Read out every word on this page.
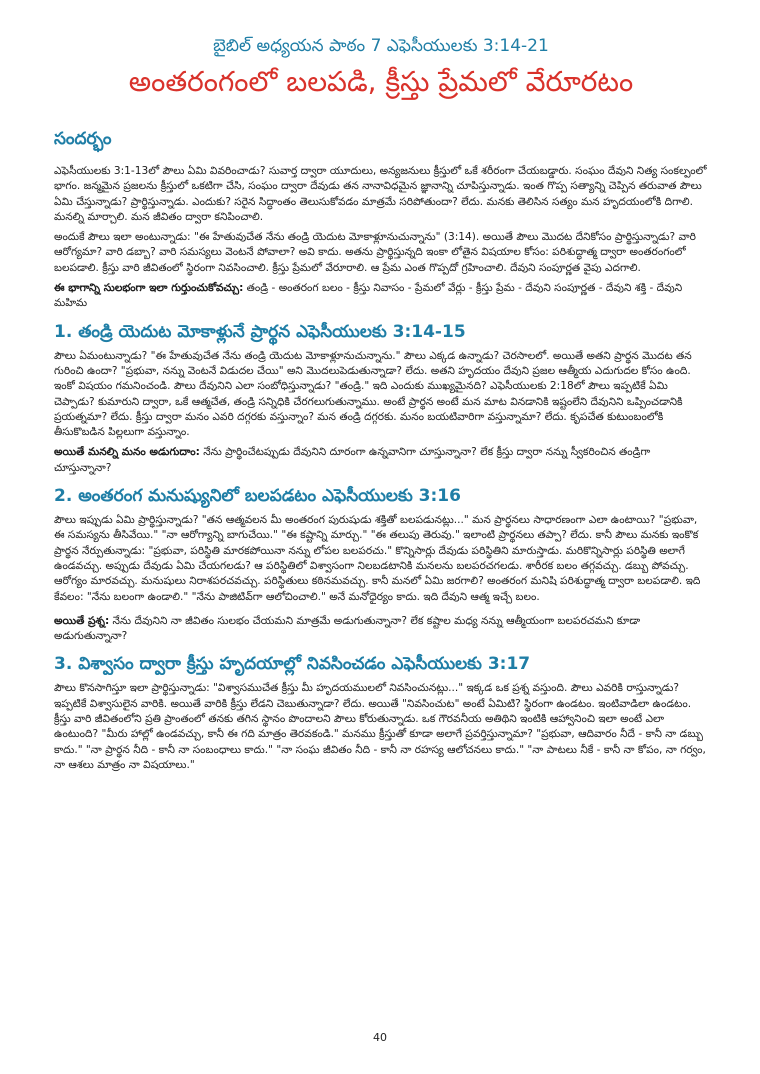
బైబిల్ అధ్యయన పాఠం 7 ఎఫెసీయులకు 3:14-21

అంతరంగంలో బలపడి, క్రీస్తు ప్రేమలో వేరూరటం
సందర్భం

ఎఫెసీయులకు 3:1-13లో పౌలు ఏమి వివరించాడు? సువార్త ద్వారా యూదులు, అన్యజనులు క్రీస్తులో ఒకే శరీరంగా చేయబడ్డారు. సంఘం దేవుని నిత్య సంకల్పంలో భాగం. జన్మమైన ప్రజలను క్రీస్తులో ఒకటిగా చేసి, సంఘం ద్వారా దేవుడు తన నానావిధమైన జ్ఞానాన్ని చూపిస్తున్నాడు. ఇంత గొప్ప సత్యాన్ని చెప్పిన తరువాత పౌలు ఏమి చేస్తున్నాడు? ప్రార్థిస్తున్నాడు. ఎందుకు? సరైన సిద్ధాంతం తెలుసుకోవడం మాత్రమే సరిపోతుందా? లేదు. మనకు తెలిసిన సత్యం మన హృదయంలోకి దిగాలి. మనల్ని మార్చాలి. మన జీవితం ద్వారా కనిపించాలి.

అందుకే పౌలు ఇలా అంటున్నాడు: "ఈ హేతువుచేత నేను తండ్రి యెదుట మోకాళ్లూనుచున్నాను" (3:14). అయితే పౌలు మొదట దేనికోసం ప్రార్థిస్తున్నాడు? వారి ఆరోగ్యమా? వారి డబ్బా? వారి సమస్యలు వెంటనే పోవాలా? అవి కాదు. అతను ప్రార్థిస్తున్నది ఇంకా లోతైన విషయాల కోసం: పరిశుద్ధాత్మ ద్వారా అంతరంగంలో బలపడాలి. క్రీస్తు వారి జీవితంలో స్థిరంగా నివసించాలి. క్రీస్తు ప్రేమలో వేరూరాలి. ఆ ప్రేమ ఎంత గొప్పదో గ్రహించాలి. దేవుని సంపూర్ణత వైపు ఎదగాలి.

ఈ భాగాన్ని సులభంగా ఇలా గుర్తుంచుకోవచ్చు: తండ్రి - అంతరంగ బలం - క్రీస్తు నివాసం - ప్రేమలో వేర్లు - క్రీస్తు ప్రేమ - దేవుని సంపూర్ణత - దేవుని శక్తి - దేవుని మహిమ

1. తండ్రి యెదుట మోకాళ్లునే ప్రార్థన ఎఫెసీయులకు 3:14-15

పౌలు ఏమంటున్నాడు? "ఈ హేతువుచేత నేను తండ్రి యెదుట మోకాళ్లూనుచున్నాను." పౌలు ఎక్కడ ఉన్నాడు? చెరసాలలో. అయితే అతని ప్రార్థన మొదట తన గురించి ఉందా? "ప్రభువా, నన్ను వెంటనే విడుదల చేయి" అని మొదలుపెడుతున్నాడా? లేదు. అతని హృదయం దేవుని ప్రజల ఆత్మీయ ఎదుగుదల కోసం ఉంది. ఇంకో విషయం గమనించండి. పౌలు దేవునిని ఎలా సంబోధిస్తున్నాడు? "తండ్రి." ఇది ఎందుకు ముఖ్యమైనది? ఎఫెసీయులకు 2:18లో పౌలు ఇప్పటికే ఏమి చెప్పాడు? కుమారుని ద్వారా, ఒకే ఆత్మచేత, తండ్రి సన్నిధికి చేరగలుగుతున్నాము. అంటే ప్రార్థన అంటే మన మాట వినడానికి ఇష్టంలేని దేవునిని ఒప్పించడానికి ప్రయత్నమా? లేదు. క్రీస్తు ద్వారా మనం ఎవరి దగ్గరకు వస్తున్నాం? మన తండ్రి దగ్గరకు. మనం బయటివారిగా వస్తున్నామా? లేదు. కృపచేత కుటుంబంలోకి తీసుకొబడిన పిల్లలుగా వస్తున్నాం.

అయితే మనల్ని మనం అడుగుదాం: నేను ప్రార్థించేటప్పుడు దేవునిని దూరంగా ఉన్నవానిగా చూస్తున్నానా? లేక క్రీస్తు ద్వారా నన్ను స్వీకరించిన తండ్రిగా చూస్తున్నానా?

2. అంతరంగ మనుష్యునిలో బలపడటం ఎఫెసీయులకు 3:16

పౌలు ఇప్పుడు ఏమి ప్రార్థిస్తున్నాడు? "తన ఆత్మవలన మీ అంతరంగ పురుషుడు శక్తితో బలపడునట్లు..." మన ప్రార్థనలు సాధారణంగా ఎలా ఉంటాయి? "ప్రభువా, ఈ సమస్యను తీసివేయి." "నా ఆరోగ్యాన్ని బాగుచేయి." "ఈ కష్టాన్ని మార్చు." "ఈ తలుపు తెరువు." ఇలాంటి ప్రార్థనలు తప్పా? లేదు. కానీ పౌలు మనకు ఇంకొక ప్రార్థన నేర్పుతున్నాడు: "ప్రభువా, పరిస్థితి మారకపోయినా నన్ను లోపల బలపరచు." కొన్నిసార్లు దేవుడు పరిస్థితిని మారుస్తాడు. మరికొన్నిసార్లు పరిస్థితి అలాగే ఉండవచ్చు. అప్పుడు దేవుడు ఏమి చేయగలడు? ఆ పరిస్థితిలో విశ్వాసంగా నిలబడటానికి మనలను బలపరచగలడు. శారీరక బలం తగ్గవచ్చు. డబ్బు పోవచ్చు. ఆరోగ్యం మారవచ్చు. మనుషులు నిరాశపరచవచ్చు. పరిస్థితులు కఠినమవచ్చు. కానీ మనలో ఏమి జరగాలి? అంతరంగ మనిషి పరిశుద్ధాత్మ ద్వారా బలపడాలి. ఇది కేవలం: "నేను బలంగా ఉండాలి." "నేను పాజిటివ్‌గా ఆలోచించాలి." అనే మనోధైర్యం కాదు. ఇది దేవుని ఆత్మ ఇచ్చే బలం.

అయితే ప్రశ్న: నేను దేవునిని నా జీవితం సులభం చేయమని మాత్రమే అడుగుతున్నానా? లేక కష్టాల మధ్య నన్ను ఆత్మీయంగా బలపరచమని కూడా అడుగుతున్నానా?

3. విశ్వాసం ద్వారా క్రీస్తు హృదయాల్లో నివసించడం ఎఫెసీయులకు 3:17

పౌలు కొనసాగిస్తూ ఇలా ప్రార్థిస్తున్నాడు: "విశ్వాసముచేత క్రీస్తు మీ హృదయములలో నివసించునట్లు..." ఇక్కడ ఒక ప్రశ్న వస్తుంది. పౌలు ఎవరికి రాస్తున్నాడు? ఇప్పటికే విశ్వాసులైన వారికి. అయితే వారికి క్రీస్తు లేడని చెబుతున్నాడా? లేదు. అయితే "నివసించుట" అంటే ఏమిటి? స్థిరంగా ఉండటం. ఇంటివాడిలా ఉండటం. క్రీస్తు వారి జీవితంలోని ప్రతి ప్రాంతంలో తనకు తగిన స్థానం పొందాలని పౌలు కోరుతున్నాడు. ఒక గౌరవనీయ అతిథిని ఇంటికి ఆహ్వానించి ఇలా అంటే ఎలా ఉంటుంది? "మీరు హాల్లో ఉండవచ్చు, కానీ ఈ గది మాత్రం తెరవకండి." మనము క్రీస్తుతో కూడా అలాగే ప్రవర్తిస్తున్నామా? "ప్రభువా, ఆదివారం నీదే - కానీ నా డబ్బు కాదు." "నా ప్రార్థన నీది - కానీ నా సంబంధాలు కాదు." "నా సంఘ జీవితం నీది - కానీ నా రహస్య ఆలోచనలు కాదు." "నా పాటలు నీకే - కానీ నా కోపం, నా గర్వం, నా ఆశలు మాత్రం నా విషయాలు."

40
